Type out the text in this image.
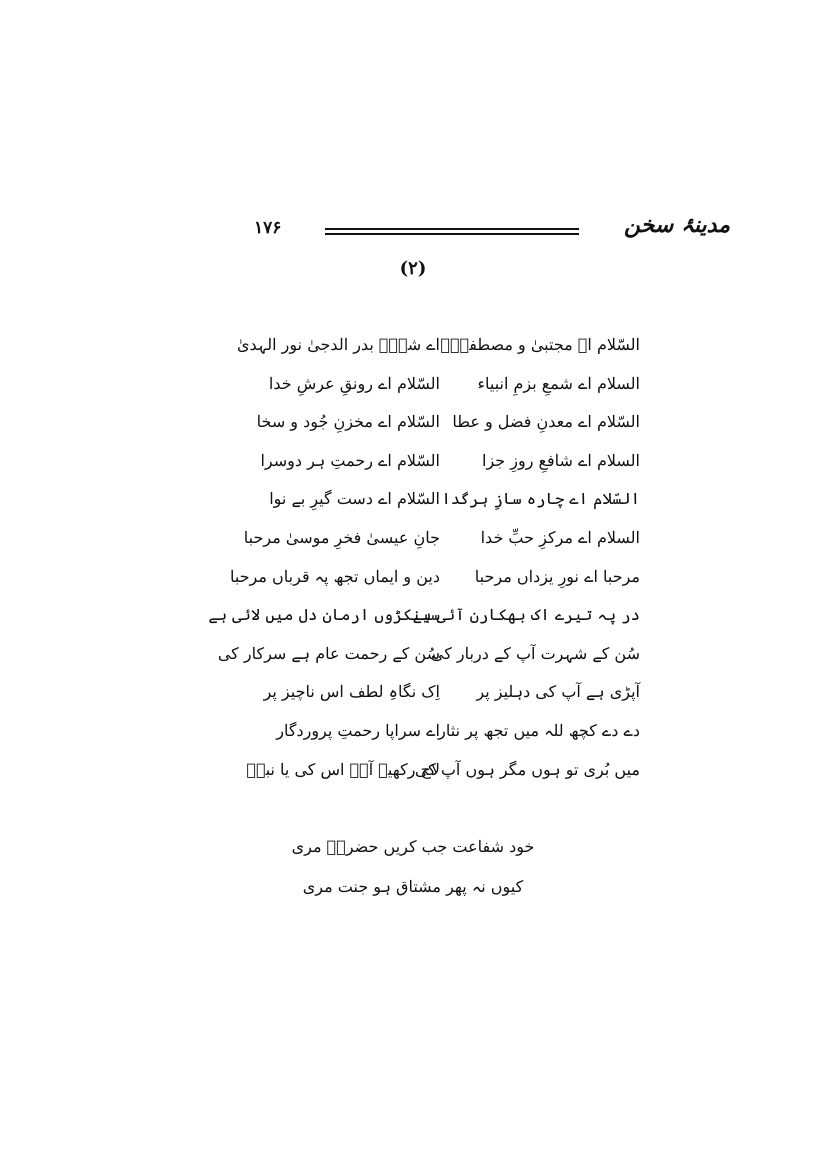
مدینۂ سخن
۱۷۶
(۲)
السّلام اے مجتبیٰ و مصطفیٰؐ
اے شہِؐ بدر الدجیٰ نور الہدیٰ
السلام اے شمعِ بزمِ انبیاء
السّلام اے رونقِ عرشِ خدا
السّلام اے معدنِ فضل و عطا
السّلام اے مخزنِ جُود و سخا
السلام اے شافعِ روزِ جزا
السّلام اے رحمتِ ہر دوسرا
السّلام اے چارہ سازِ ہرگدا
السّلام اے دست گیرِ بے نوا
السلام اے مرکزِ حبِّ خدا
جانِ عیسیٰ فخرِ موسیٰ مرحبا
مرحبا اے نورِ یزداں مرحبا
دین و ایماں تجھ پہ قرباں مرحبا
در پہ تیرے اک بھکارن آئی ہے
سینکڑوں ارمان دل میں لائی ہے
سُن کے شہرت آپ کے دربار کی
سُن کے رحمت عام ہے سرکار کی
آپڑی ہے آپ کی دہلیز پر
اِک نگاہِ لطف اس ناچیز پر
دے دے کچھ للہ میں تجھ پر نثار
اے سراپا رحمتِ پروردگار
میں بُری تو ہوں مگر ہوں آپ کی
لاج رکھیے آپؐ اس کی یا نبیؐ
خود شفاعت جب کریں حضرتؐ مری
کیوں نہ پھر مشتاق ہو جنت مری
